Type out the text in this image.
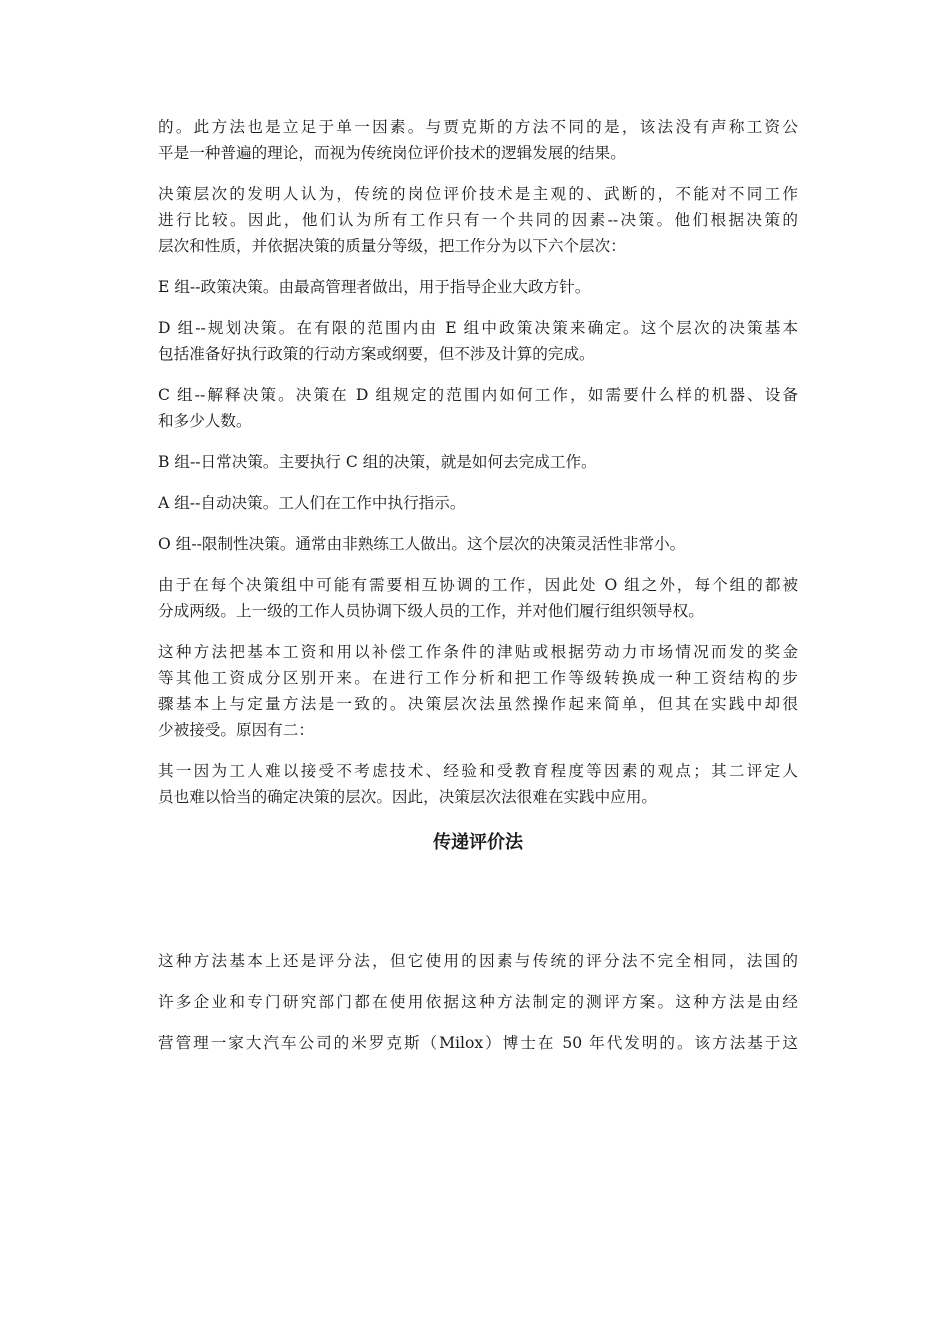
的。此方法也是立足于单一因素。与贾克斯的方法不同的是，该法没有声称工资公
平是一种普遍的理论，而视为传统岗位评价技术的逻辑发展的结果。
决策层次的发明人认为，传统的岗位评价技术是主观的、武断的，不能对不同工作
进行比较。因此，他们认为所有工作只有一个共同的因素--决策。他们根据决策的
层次和性质，并依据决策的质量分等级，把工作分为以下六个层次：
E 组--政策决策。由最高管理者做出，用于指导企业大政方针。
D 组--规划决策。在有限的范围内由 E 组中政策决策来确定。这个层次的决策基本
包括准备好执行政策的行动方案或纲要，但不涉及计算的完成。
C 组--解释决策。决策在 D 组规定的范围内如何工作，如需要什么样的机器、设备
和多少人数。
B 组--日常决策。主要执行 C 组的决策，就是如何去完成工作。
A 组--自动决策。工人们在工作中执行指示。
O 组--限制性决策。通常由非熟练工人做出。这个层次的决策灵活性非常小。
由于在每个决策组中可能有需要相互协调的工作，因此处 O 组之外，每个组的都被
分成两级。上一级的工作人员协调下级人员的工作，并对他们履行组织领导权。
这种方法把基本工资和用以补偿工作条件的津贴或根据劳动力市场情况而发的奖金
等其他工资成分区别开来。在进行工作分析和把工作等级转换成一种工资结构的步
骤基本上与定量方法是一致的。决策层次法虽然操作起来简单，但其在实践中却很
少被接受。原因有二：
其一因为工人难以接受不考虑技术、经验和受教育程度等因素的观点；其二评定人
员也难以恰当的确定决策的层次。因此，决策层次法很难在实践中应用。
传递评价法
这种方法基本上还是评分法，但它使用的因素与传统的评分法不完全相同，法国的
许多企业和专门研究部门都在使用依据这种方法制定的测评方案。这种方法是由经
营管理一家大汽车公司的米罗克斯（Milox）博士在 50 年代发明的。该方法基于这
